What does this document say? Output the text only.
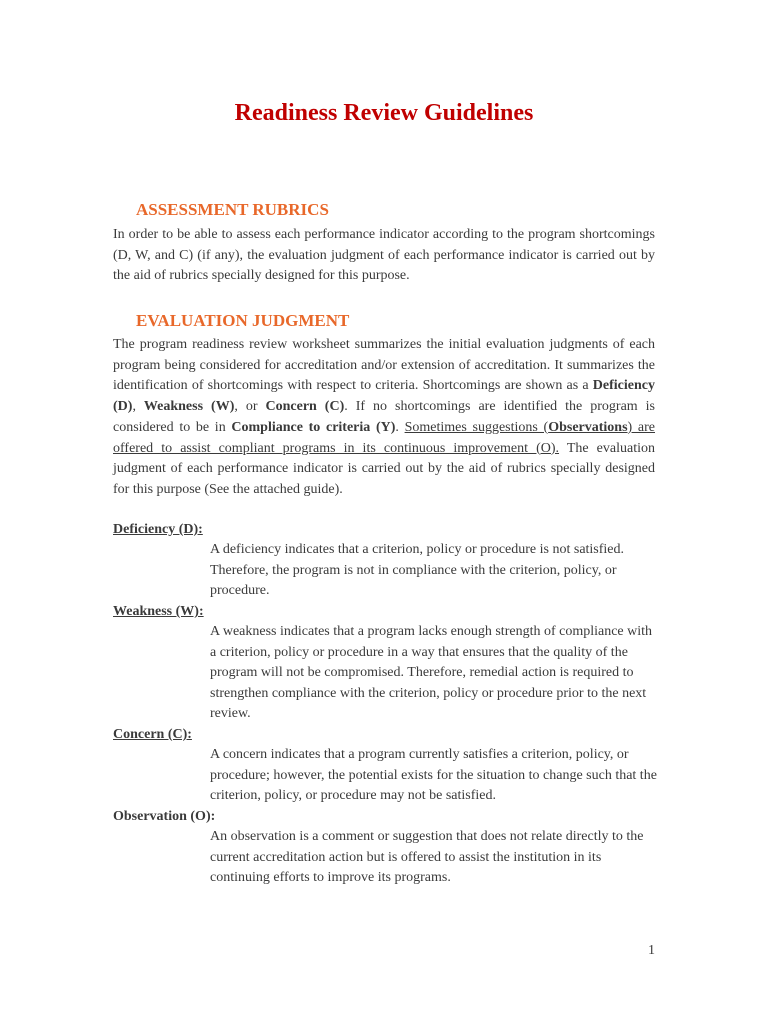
Readiness Review Guidelines
ASSESSMENT RUBRICS

In order to be able to assess each performance indicator according to the program shortcomings (D, W, and C) (if any), the evaluation judgment of each performance indicator is carried out by the aid of rubrics specially designed for this purpose.

EVALUATION JUDGMENT

The program readiness review worksheet summarizes the initial evaluation judgments of each program being considered for accreditation and/or extension of accreditation. It summarizes the identification of shortcomings with respect to criteria. Shortcomings are shown as a Deficiency (D), Weakness (W), or Concern (C). If no shortcomings are identified the program is considered to be in Compliance to criteria (Y). Sometimes suggestions (Observations) are offered to assist compliant programs in its continuous improvement (O). The evaluation judgment of each performance indicator is carried out by the aid of rubrics specially designed for this purpose (See the attached guide).

Deficiency (D):

A deficiency indicates that a criterion, policy or procedure is not satisfied. Therefore, the program is not in compliance with the criterion, policy, or procedure.

Weakness (W):

A weakness indicates that a program lacks enough strength of compliance with a criterion, policy or procedure in a way that ensures that the quality of the program will not be compromised. Therefore, remedial action is required to strengthen compliance with the criterion, policy or procedure prior to the next review.

Concern (C):

A concern indicates that a program currently satisfies a criterion, policy, or procedure; however, the potential exists for the situation to change such that the criterion, policy, or procedure may not be satisfied.

Observation (O):

An observation is a comment or suggestion that does not relate directly to the current accreditation action but is offered to assist the institution in its continuing efforts to improve its programs.

1
